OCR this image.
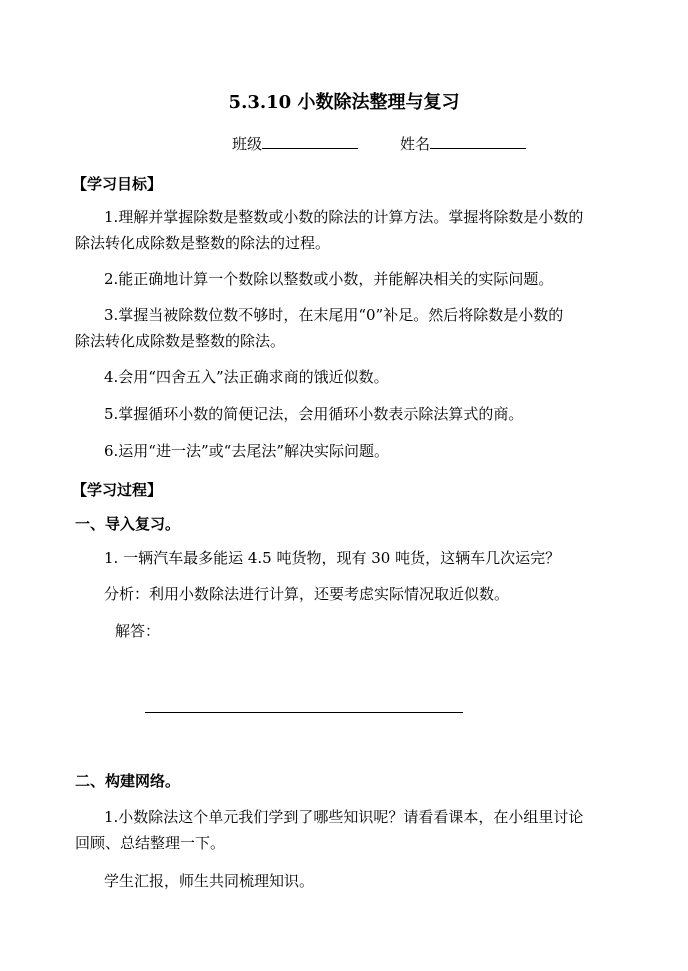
5.3.10 小数除法整理与复习
班级	姓名
【学习目标】
1.理解并掌握除数是整数或小数的除法的计算方法。掌握将除数是小数的
除法转化成除数是整数的除法的过程。
2.能正确地计算一个数除以整数或小数，并能解决相关的实际问题。
3.掌握当被除数位数不够时，在末尾用“0”补足。然后将除数是小数的
除法转化成除数是整数的除法。
4.会用“四舍五入”法正确求商的饿近似数。
5.掌握循环小数的简便记法，会用循环小数表示除法算式的商。
6.运用“进一法”或“去尾法”解决实际问题。
【学习过程】
一、导入复习。
1. 一辆汽车最多能运 4.5 吨货物，现有 30 吨货，这辆车几次运完？
分析：利用小数除法进行计算，还要考虑实际情况取近似数。
解答：
二、构建网络。
1.小数除法这个单元我们学到了哪些知识呢？请看看课本，在小组里讨论
回顾、总结整理一下。
学生汇报，师生共同梳理知识。
